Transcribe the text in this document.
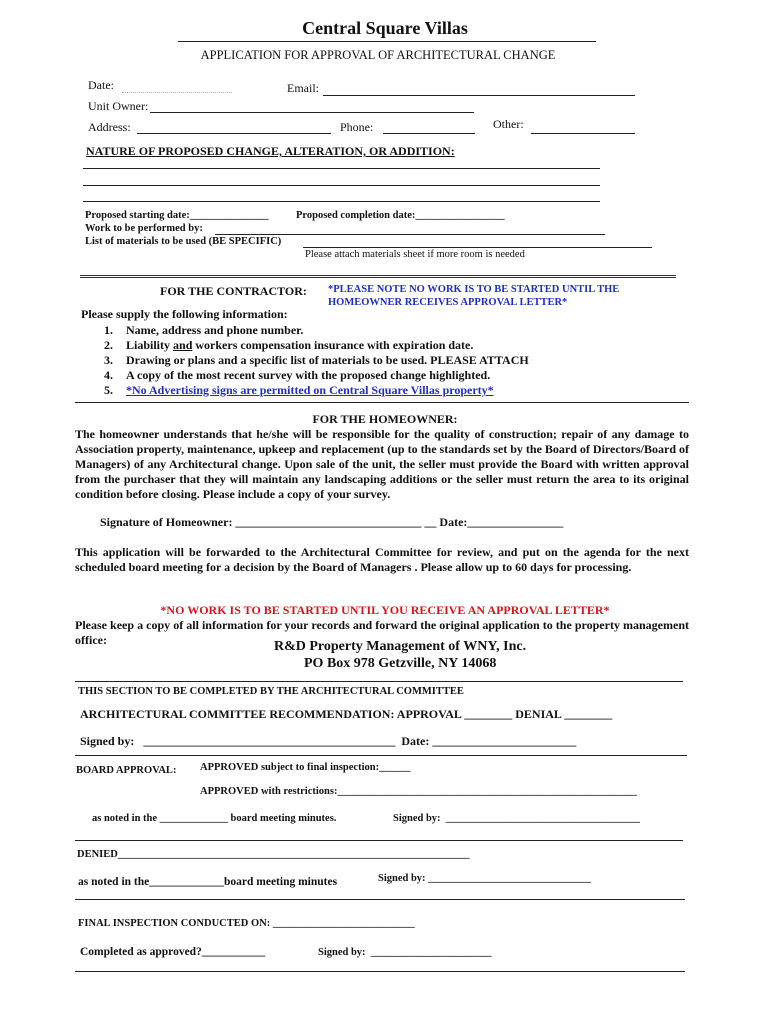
Central Square Villas
APPLICATION FOR APPROVAL OF ARCHITECTURAL CHANGE
Date:	Email:
Unit Owner:
Address:	Phone:	Other:
NATURE OF PROPOSED CHANGE, ALTERATION, OR ADDITION:
Proposed starting date:_______________	Proposed completion date:_________________
Work to be performed by:
List of materials to be used (BE SPECIFIC)
Please attach materials sheet if more room is needed
FOR THE CONTRACTOR: *PLEASE NOTE NO WORK IS TO BE STARTED UNTIL THE
HOMEOWNER RECEIVES APPROVAL LETTER*
Please supply the following information:
1. Name, address and phone number.
2. Liability and workers compensation insurance with expiration date.
3. Drawing or plans and a specific list of materials to be used. PLEASE ATTACH
4. A copy of the most recent survey with the proposed change highlighted.
5. *No Advertising signs are permitted on Central Square Villas property*
FOR THE HOMEOWNER:
The homeowner understands that he/she will be responsible for the quality of construction; repair of any damage to Association property, maintenance, upkeep and replacement (up to the standards set by the Board of Directors/Board of Managers) of any Architectural change. Upon sale of the unit, the seller must provide the Board with written approval from the purchaser that they will maintain any landscaping additions or the seller must return the area to its original condition before closing. Please include a copy of your survey.
Signature of Homeowner: _______________________________ __ Date:________________
This application will be forwarded to the Architectural Committee for review, and put on the agenda for the next scheduled board meeting for a decision by the Board of Managers . Please allow up to 60 days for processing.
*NO WORK IS TO BE STARTED UNTIL YOU RECEIVE AN APPROVAL LETTER*
Please keep a copy of all information for your records and forward the original application to the property management office:	R&D Property Management of WNY, Inc.
PO Box 978 Getzville, NY 14068
THIS SECTION TO BE COMPLETED BY THE ARCHITECTURAL COMMITTEE
ARCHITECTURAL COMMITTEE RECOMMENDATION: APPROVAL ________ DENIAL ________
Signed by:   __________________________________________  Date: ________________________
BOARD APPROVAL: APPROVED subject to final inspection:______
APPROVED with restrictions:_________________________________________________________
as noted in the _____________ board meeting minutes.	Signed by:  _____________________________________
DENIED___________________________________________________________________
as noted in the_____________board meeting minutes	Signed by: _______________________________
FINAL INSPECTION CONDUCTED ON: ___________________________
Completed as approved?___________	Signed by:  _______________________
